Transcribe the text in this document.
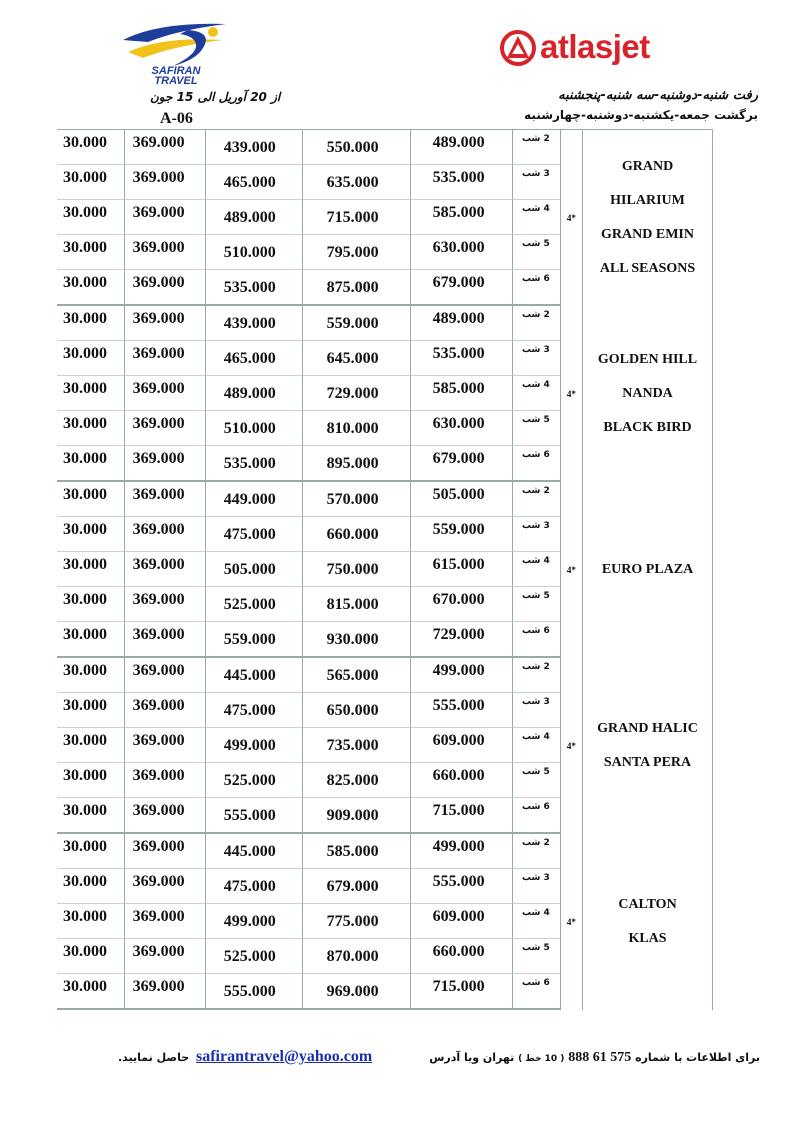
SAFIRAN
TRAVEL
atlasjet
از 20 آوریل الی 15 جون
A-06
رفت شنبه-دوشنبه-سه شنبه-پنجشنبه
برگشت جمعه-یکشنبه-دوشنبه-چهارشنبه
30.000	369.000	439.000	550.000	489.000	2 شب	4*	GRAND HILARIUM
GRAND EMIN
ALL SEASONS

30.000	369.000	465.000	635.000	535.000	3 شب		

30.000	369.000	489.000	715.000	585.000	4 شب		

30.000	369.000	510.000	795.000	630.000	5 شب		

30.000	369.000	535.000	875.000	679.000	6 شب		

30.000	369.000	439.000	559.000	489.000	2 شب	4*	GOLDEN HILL
NANDA
BLACK BIRD

30.000	369.000	465.000	645.000	535.000	3 شب		

30.000	369.000	489.000	729.000	585.000	4 شب		

30.000	369.000	510.000	810.000	630.000	5 شب		

30.000	369.000	535.000	895.000	679.000	6 شب		

30.000	369.000	449.000	570.000	505.000	2 شب	4*	EURO PLAZA

30.000	369.000	475.000	660.000	559.000	3 شب		

30.000	369.000	505.000	750.000	615.000	4 شب		

30.000	369.000	525.000	815.000	670.000	5 شب		

30.000	369.000	559.000	930.000	729.000	6 شب		

30.000	369.000	445.000	565.000	499.000	2 شب	4*	GRAND HALIC
SANTA PERA

30.000	369.000	475.000	650.000	555.000	3 شب		

30.000	369.000	499.000	735.000	609.000	4 شب		

30.000	369.000	525.000	825.000	660.000	5 شب		

30.000	369.000	555.000	909.000	715.000	6 شب		

30.000	369.000	445.000	585.000	499.000	2 شب	4*	CALTON
KLAS

30.000	369.000	475.000	679.000	555.000	3 شب		

30.000	369.000	499.000	775.000	609.000	4 شب		

30.000	369.000	525.000	870.000	660.000	5 شب		

30.000	369.000	555.000	969.000	715.000	6 شب		
برای اطلاعات با شماره 575 61 888 ( 10 خط ) تهران ویا آدرس
safirantravel@yahoo.com
حاصل نمایید.
